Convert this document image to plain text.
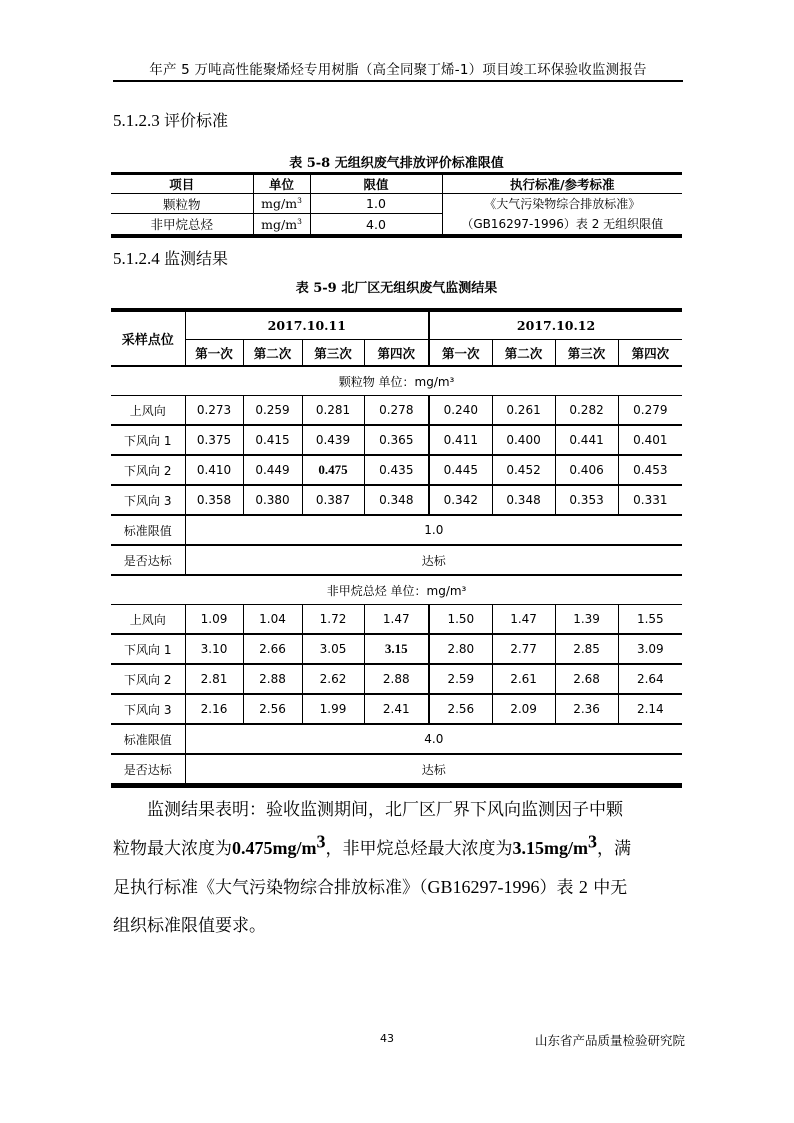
年产 5 万吨高性能聚烯烃专用树脂（高全同聚丁烯-1）项目竣工环保验收监测报告
5.1.2.3 评价标准
表 5-8 无组织废气排放评价标准限值
项目	单位	限值	执行标准/参考标准
颗粒物	$mg/m^3$	1.0	《大气污染物综合排放标准》
（GB16297-1996）表 2 无组织限值

非甲烷总烃	$mg/m^3$	4.0	
5.1.2.4 监测结果
表 5-9 北厂区无组织废气监测结果
采样点位	2017.10.11				2017.10.12			
	第一次	第二次	第三次	第四次	第一次	第二次	第三次	第四次
颗粒物 单位：mg/m³								
上风向	0.273	0.259	0.281	0.278	0.240	0.261	0.282	0.279
下风向 1	0.375	0.415	0.439	0.365	0.411	0.400	0.441	0.401
下风向 2	0.410	0.449	0.475	0.435	0.445	0.452	0.406	0.453
下风向 3	0.358	0.380	0.387	0.348	0.342	0.348	0.353	0.331
标准限值	1.0							
是否达标	达标							
非甲烷总烃 单位：mg/m³								
上风向	1.09	1.04	1.72	1.47	1.50	1.47	1.39	1.55
下风向 1	3.10	2.66	3.05	3.15	2.80	2.77	2.85	3.09
下风向 2	2.81	2.88	2.62	2.88	2.59	2.61	2.68	2.64
下风向 3	2.16	2.56	1.99	2.41	2.56	2.09	2.36	2.14
标准限值	4.0							
是否达标	达标							

监测结果表明：验收监测期间，北厂区厂界下风向监测因子中颗

粒物最大浓度为$0.475mg/m^3$，非甲烷总烃最大浓度为$3.15mg/m^3$，满

足执行标准《大气污染物综合排放标准》（GB16297-1996）表 2 中无

组织标准限值要求。

43	山东省产品质量检验研究院
